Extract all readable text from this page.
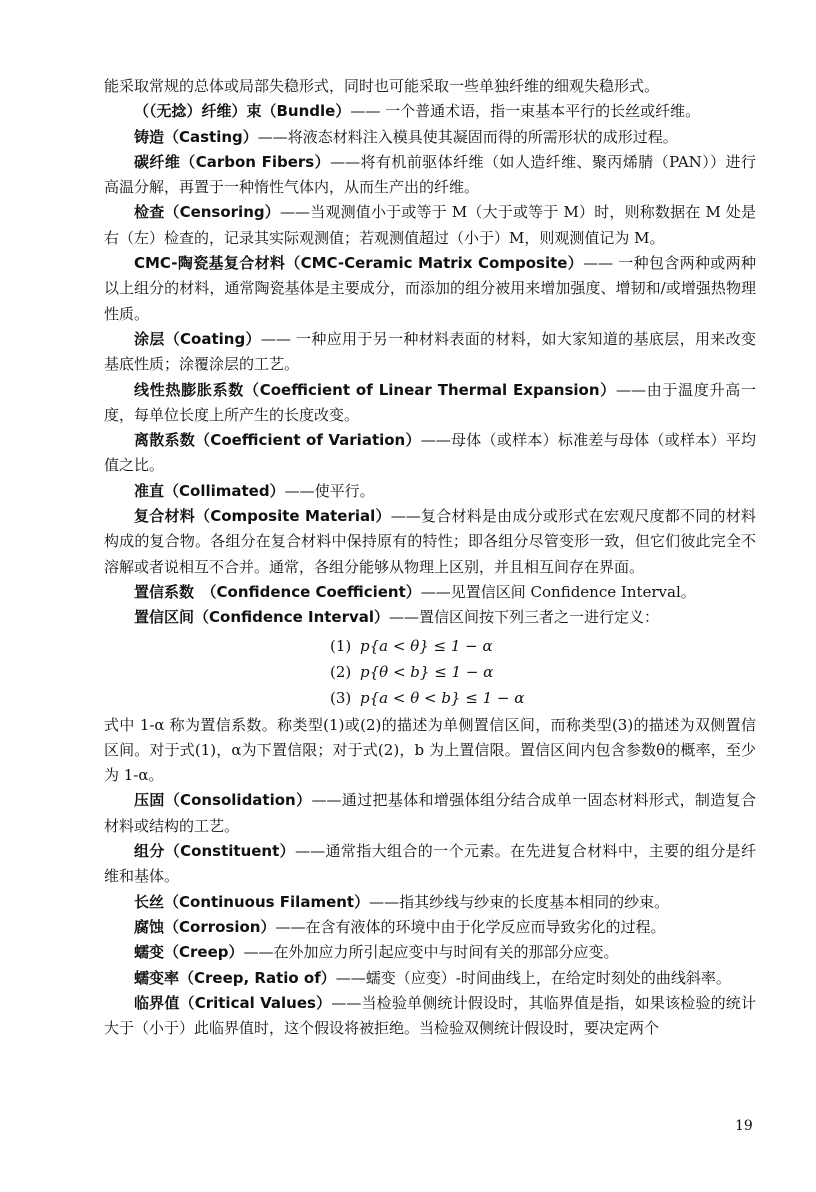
能采取常规的总体或局部失稳形式，同时也可能采取一些单独纤维的细观失稳形式。

（（无捻）纤维）束（Bundle）—— 一个普通术语，指一束基本平行的长丝或纤维。

铸造（Casting）——将液态材料注入模具使其凝固而得的所需形状的成形过程。

碳纤维（Carbon Fibers）——将有机前驱体纤维（如人造纤维、聚丙烯腈（PAN））进行高温分解，再置于一种惰性气体内，从而生产出的纤维。

检查（Censoring）——当观测值小于或等于 M（大于或等于 M）时，则称数据在 M 处是右（左）检查的，记录其实际观测值；若观测值超过（小于）M，则观测值记为 M。

CMC-陶瓷基复合材料（CMC-Ceramic Matrix Composite）—— 一种包含两种或两种以上组分的材料，通常陶瓷基体是主要成分，而添加的组分被用来增加强度、增韧和/或增强热物理性质。

涂层（Coating）—— 一种应用于另一种材料表面的材料，如大家知道的基底层，用来改变基底性质；涂覆涂层的工艺。

线性热膨胀系数（Coefficient of Linear Thermal Expansion）——由于温度升高一度，每单位长度上所产生的长度改变。

离散系数（Coefficient of Variation）——母体（或样本）标准差与母体（或样本）平均值之比。

准直（Collimated）——使平行。

复合材料（Composite Material）——复合材料是由成分或形式在宏观尺度都不同的材料构成的复合物。各组分在复合材料中保持原有的特性；即各组分尽管变形一致，但它们彼此完全不溶解或者说相互不合并。通常，各组分能够从物理上区别，并且相互间存在界面。

置信系数　（Confidence Coefficient）——见置信区间 Confidence Interval。

置信区间（Confidence Interval）——置信区间按下列三者之一进行定义：

(1) p{a < θ} ≤ 1 − α

(2) p{θ < b} ≤ 1 − α

(3) p{a < θ < b} ≤ 1 − α

式中 1-α 称为置信系数。称类型(1)或(2)的描述为单侧置信区间，而称类型(3)的描述为双侧置信区间。对于式(1)，α为下置信限；对于式(2)，b 为上置信限。置信区间内包含参数θ的概率，至少为 1-α。

压固（Consolidation）——通过把基体和增强体组分结合成单一固态材料形式，制造复合材料或结构的工艺。

组分（Constituent）——通常指大组合的一个元素。在先进复合材料中，主要的组分是纤维和基体。

长丝（Continuous Filament）——指其纱线与纱束的长度基本相同的纱束。

腐蚀（Corrosion）——在含有液体的环境中由于化学反应而导致劣化的过程。

蠕变（Creep）——在外加应力所引起应变中与时间有关的那部分应变。

蠕变率（Creep, Ratio of）——蠕变（应变）-时间曲线上，在给定时刻处的曲线斜率。

临界值（Critical Values）——当检验单侧统计假设时，其临界值是指，如果该检验的统计大于（小于）此临界值时，这个假设将被拒绝。当检验双侧统计假设时，要决定两个

19
